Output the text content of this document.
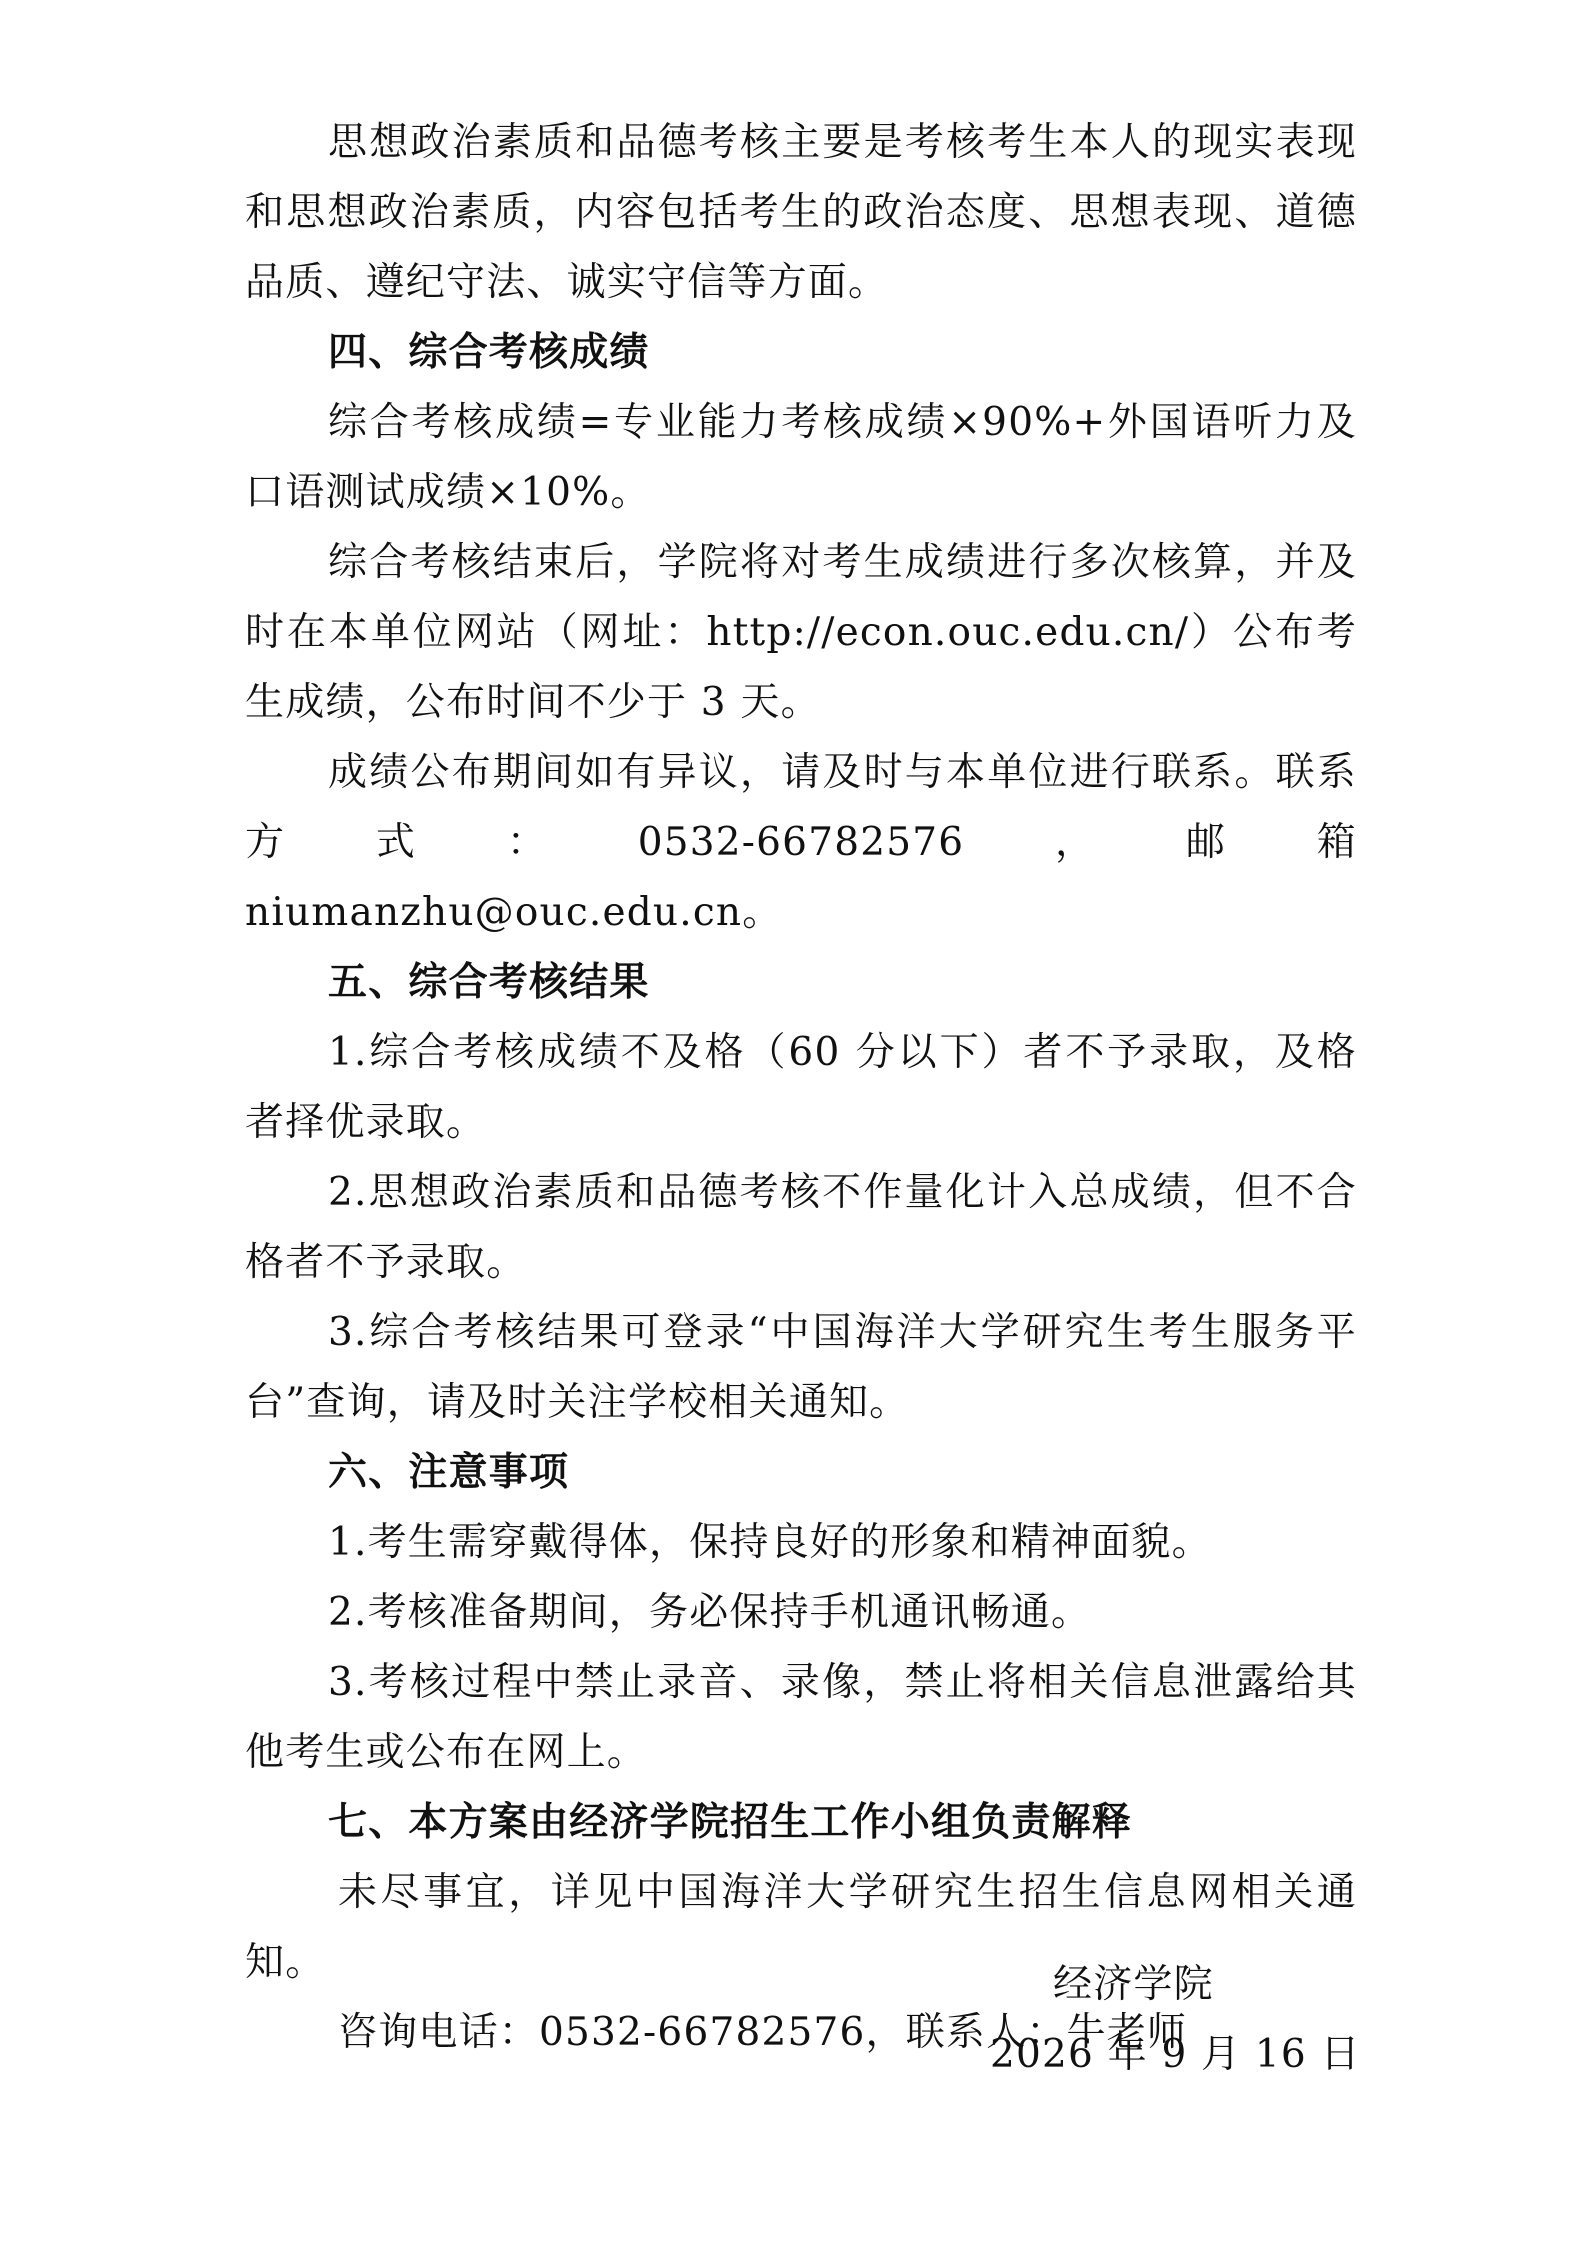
思想政治素质和品德考核主要是考核考生本人的现实表现和思想政治素质，内容包括考生的政治态度、思想表现、道德品质、遵纪守法、诚实守信等方面。

四、综合考核成绩

综合考核成绩=专业能力考核成绩×90%+外国语听力及口语测试成绩×10%。

综合考核结束后，学院将对考生成绩进行多次核算，并及时在本单位网站（网址：http://econ.ouc.edu.cn/）公布考生成绩，公布时间不少于 3 天。

成绩公布期间如有异议，请及时与本单位进行联系。联系方式：0532-66782576，邮箱 niumanzhu@ouc.edu.cn。

五、综合考核结果

1.综合考核成绩不及格（60 分以下）者不予录取，及格者择优录取。

2.思想政治素质和品德考核不作量化计入总成绩，但不合格者不予录取。

3.综合考核结果可登录“中国海洋大学研究生考生服务平台”查询，请及时关注学校相关通知。

六、注意事项

1.考生需穿戴得体，保持良好的形象和精神面貌。

2.考核准备期间，务必保持手机通讯畅通。

3.考核过程中禁止录音、录像，禁止将相关信息泄露给其他考生或公布在网上。

七、本方案由经济学院招生工作小组负责解释

未尽事宜，详见中国海洋大学研究生招生信息网相关通知。

咨询电话：0532-66782576，联系人：牛老师

经济学院
2026 年 9 月 16 日
